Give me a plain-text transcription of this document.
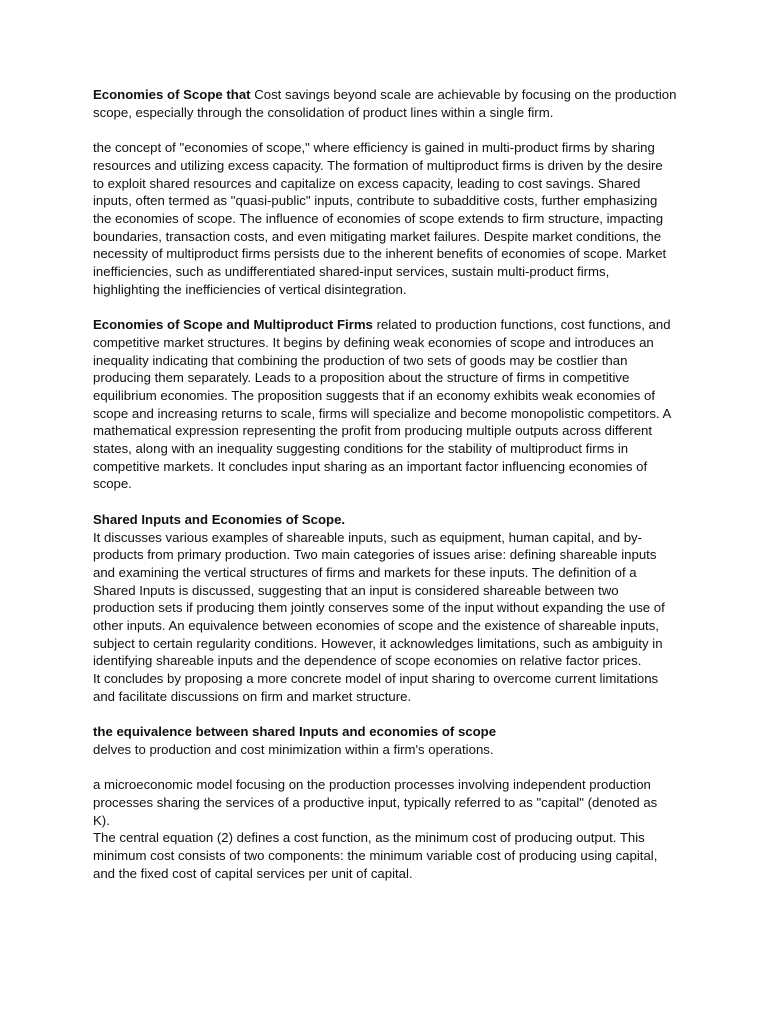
Economies of Scope that Cost savings beyond scale are achievable by focusing on the production scope, especially through the consolidation of product lines within a single firm.

the concept of "economies of scope," where efficiency is gained in multi-product firms by sharing resources and utilizing excess capacity. The formation of multiproduct firms is driven by the desire to exploit shared resources and capitalize on excess capacity, leading to cost savings. Shared inputs, often termed as "quasi-public" inputs, contribute to subadditive costs, further emphasizing the economies of scope. The influence of economies of scope extends to firm structure, impacting boundaries, transaction costs, and even mitigating market failures. Despite market conditions, the necessity of multiproduct firms persists due to the inherent benefits of economies of scope. Market inefficiencies, such as undifferentiated shared-input services, sustain multi-product firms, highlighting the inefficiencies of vertical disintegration.

Economies of Scope and Multiproduct Firms related to production functions, cost functions, and competitive market structures. It begins by defining weak economies of scope and introduces an inequality indicating that combining the production of two sets of goods may be costlier than producing them separately. Leads to a proposition about the structure of firms in competitive equilibrium economies. The proposition suggests that if an economy exhibits weak economies of scope and increasing returns to scale, firms will specialize and become monopolistic competitors. A mathematical expression representing the profit from producing multiple outputs across different states, along with an inequality suggesting conditions for the stability of multiproduct firms in competitive markets. It concludes input sharing as an important factor influencing economies of scope.

Shared Inputs and Economies of Scope.

It discusses various examples of shareable inputs, such as equipment, human capital, and by-products from primary production. Two main categories of issues arise: defining shareable inputs and examining the vertical structures of firms and markets for these inputs. The definition of a Shared Inputs is discussed, suggesting that an input is considered shareable between two production sets if producing them jointly conserves some of the input without expanding the use of other inputs. An equivalence between economies of scope and the existence of shareable inputs, subject to certain regularity conditions. However, it acknowledges limitations, such as ambiguity in identifying shareable inputs and the dependence of scope economies on relative factor prices.

It concludes by proposing a more concrete model of input sharing to overcome current limitations and facilitate discussions on firm and market structure.

the equivalence between shared Inputs and economies of scope

delves to production and cost minimization within a firm's operations.

a microeconomic model focusing on the production processes involving independent production processes sharing the services of a productive input, typically referred to as "capital" (denoted as K).

The central equation (2) defines a cost function, as the minimum cost of producing output. This minimum cost consists of two components: the minimum variable cost of producing using capital, and the fixed cost of capital services per unit of capital.
